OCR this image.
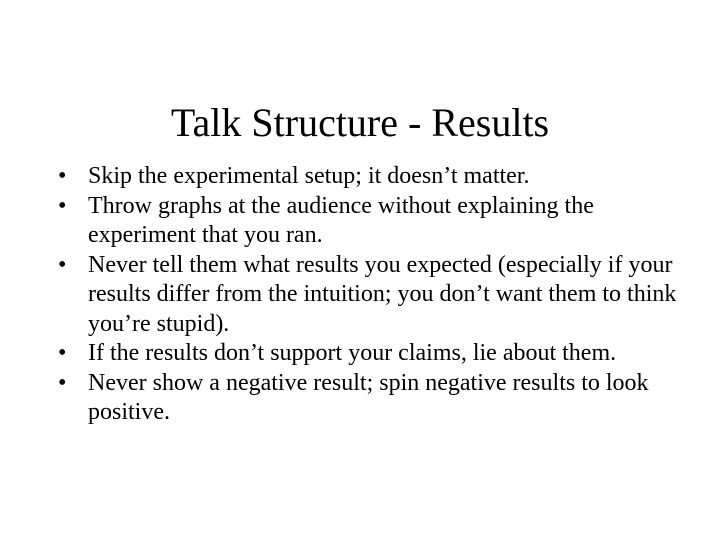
Talk Structure - Results
• Skip the experimental setup; it doesn’t matter.
• Throw graphs at the audience without explaining the experiment that you ran.
• Never tell them what results you expected (especially if your results differ from the intuition; you don’t want them to think you’re stupid).
• If the results don’t support your claims, lie about them.
• Never show a negative result; spin negative results to look positive.
